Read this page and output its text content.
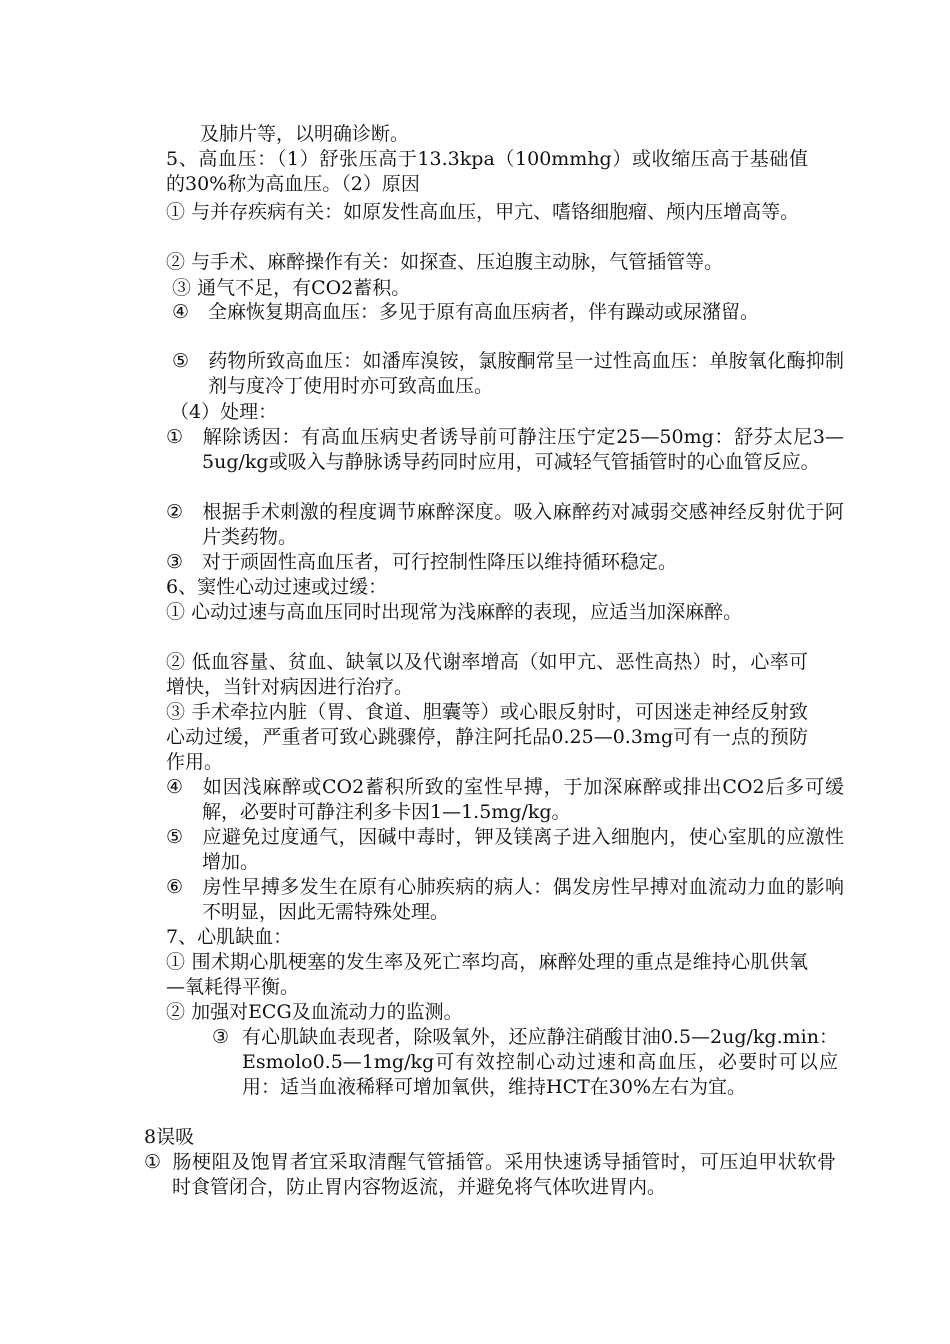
及肺片等，以明确诊断。

5、高血压：（1）舒张压高于13.3kpa（100mmhg）或收缩压高于基础值的30%称为高血压。（2）原因

① 与并存疾病有关：如原发性高血压，甲亢、嗜铬细胞瘤、颅内压增高等。

② 与手术、麻醉操作有关：如探查、压迫腹主动脉，气管插管等。

③ 通气不足，有CO2蓄积。

④ 全麻恢复期高血压：多见于原有高血压病者，伴有躁动或尿潴留。

⑤ 药物所致高血压：如潘库溴铵，氯胺酮常呈一过性高血压：单胺氧化酶抑制剂与度冷丁使用时亦可致高血压。

（4）处理：

① 解除诱因：有高血压病史者诱导前可静注压宁定25—50mg：舒芬太尼3—5ug/kg或吸入与静脉诱导药同时应用，可减轻气管插管时的心血管反应。

② 根据手术刺激的程度调节麻醉深度。吸入麻醉药对减弱交感神经反射优于阿片类药物。

③ 对于顽固性高血压者，可行控制性降压以维持循环稳定。

6、窦性心动过速或过缓：

① 心动过速与高血压同时出现常为浅麻醉的表现，应适当加深麻醉。

② 低血容量、贫血、缺氧以及代谢率增高（如甲亢、恶性高热）时，心率可增快，当针对病因进行治疗。

③ 手术牵拉内脏（胃、食道、胆囊等）或心眼反射时，可因迷走神经反射致心动过缓，严重者可致心跳骤停，静注阿托品0.25—0.3mg可有一点的预防作用。

④ 如因浅麻醉或CO2蓄积所致的室性早搏，于加深麻醉或排出CO2后多可缓解，必要时可静注利多卡因1—1.5mg/kg。

⑤ 应避免过度通气，因碱中毒时，钾及镁离子进入细胞内，使心室肌的应激性增加。

⑥ 房性早搏多发生在原有心肺疾病的病人：偶发房性早搏对血流动力血的影响不明显，因此无需特殊处理。

7、心肌缺血：

① 围术期心肌梗塞的发生率及死亡率均高，麻醉处理的重点是维持心肌供氧—氧耗得平衡。

② 加强对ECG及血流动力的监测。

③ 有心肌缺血表现者，除吸氧外，还应静注硝酸甘油0.5—2ug/kg.min：Esmolo0.5—1mg/kg可有效控制心动过速和高血压，必要时可以应用：适当血液稀释可增加氧供，维持HCT在30%左右为宜。

8误吸

① 肠梗阻及饱胃者宜采取清醒气管插管。采用快速诱导插管时，可压迫甲状软骨时食管闭合，防止胃内容物返流，并避免将气体吹进胃内。
